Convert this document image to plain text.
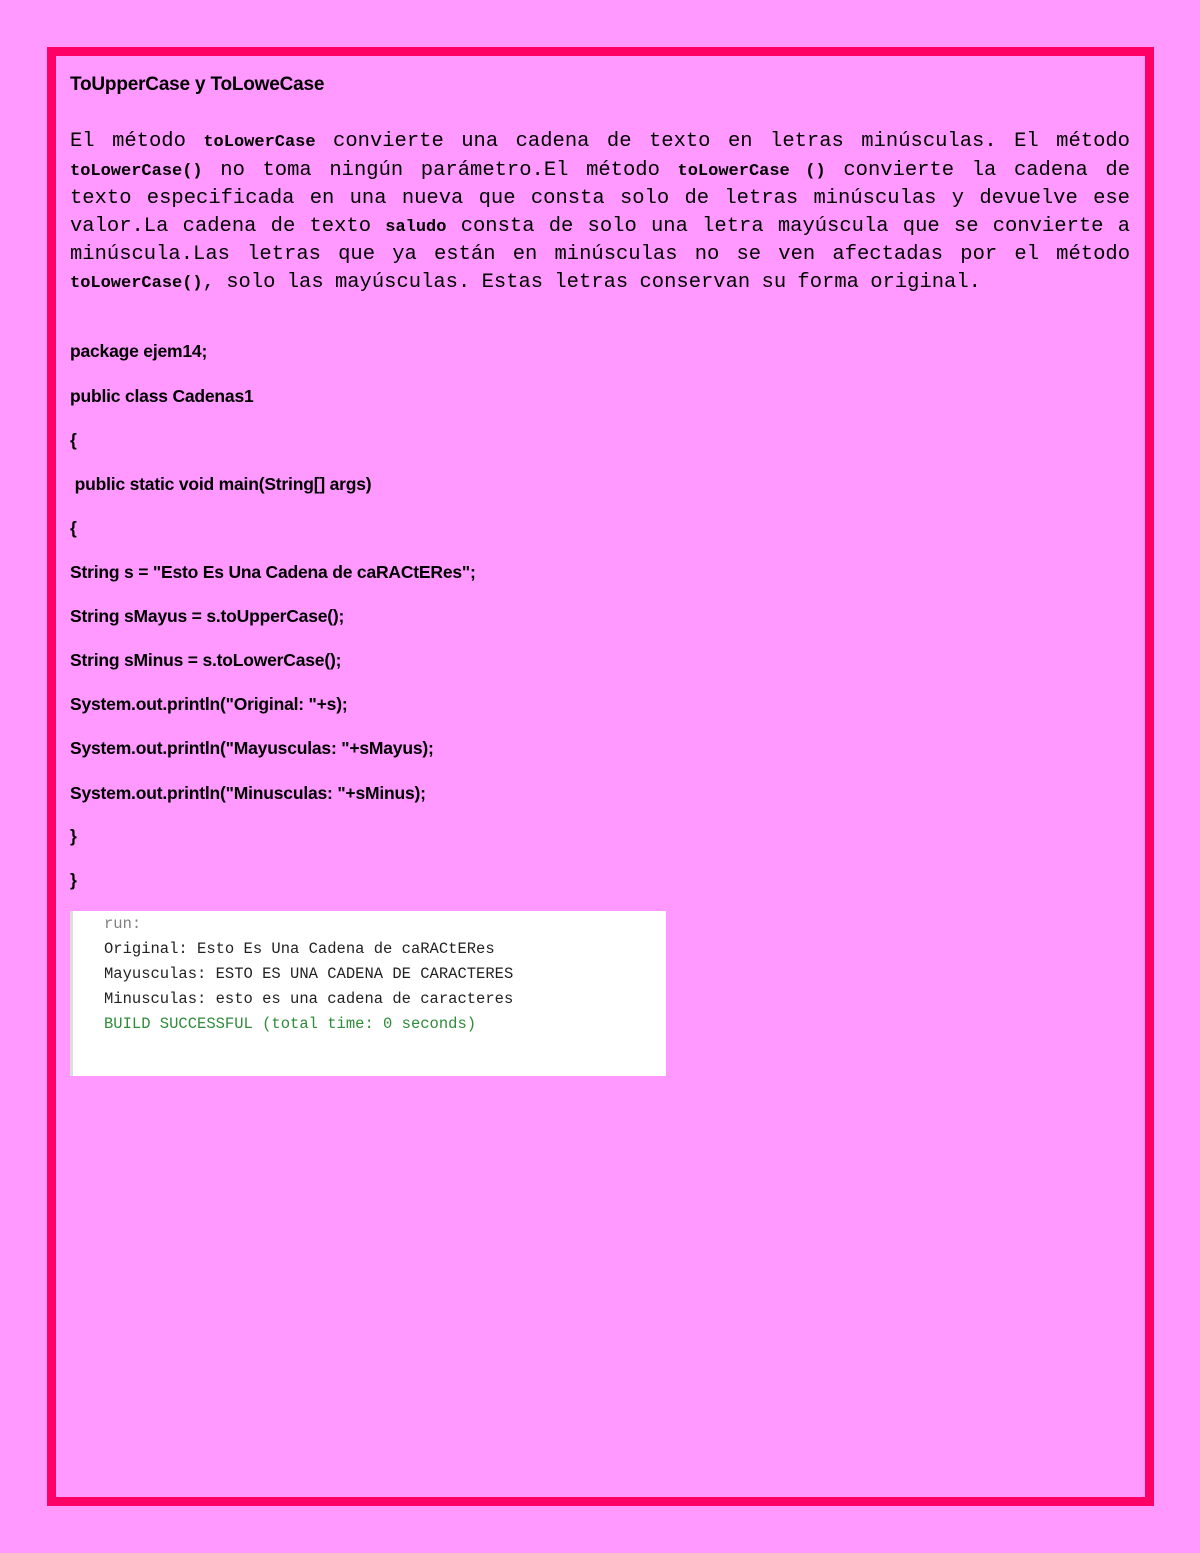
ToUpperCase y ToLoweCase

El método toLowerCase convierte una cadena de texto en letras minúsculas. El método toLowerCase() no toma ningún parámetro.El método toLowerCase () convierte la cadena de texto especificada en una nueva que consta solo de letras minúsculas y devuelve ese valor.La cadena de texto saludo consta de solo una letra mayúscula que se convierte a minúscula.Las letras que ya están en minúsculas no se ven afectadas por el método toLowerCase(), solo las mayúsculas. Estas letras conservan su forma original.

package ejem14;

public class Cadenas1

{

public static void main(String[] args)

{

String s = "Esto Es Una Cadena de caRACtERes";

String sMayus = s.toUpperCase();

String sMinus = s.toLowerCase();

System.out.println("Original: "+s);

System.out.println("Mayusculas: "+sMayus);

System.out.println("Minusculas: "+sMinus);

}

}

run:

Original: Esto Es Una Cadena de caRACtERes

Mayusculas: ESTO ES UNA CADENA DE CARACTERES

Minusculas: esto es una cadena de caracteres

BUILD SUCCESSFUL (total time: 0 seconds)
